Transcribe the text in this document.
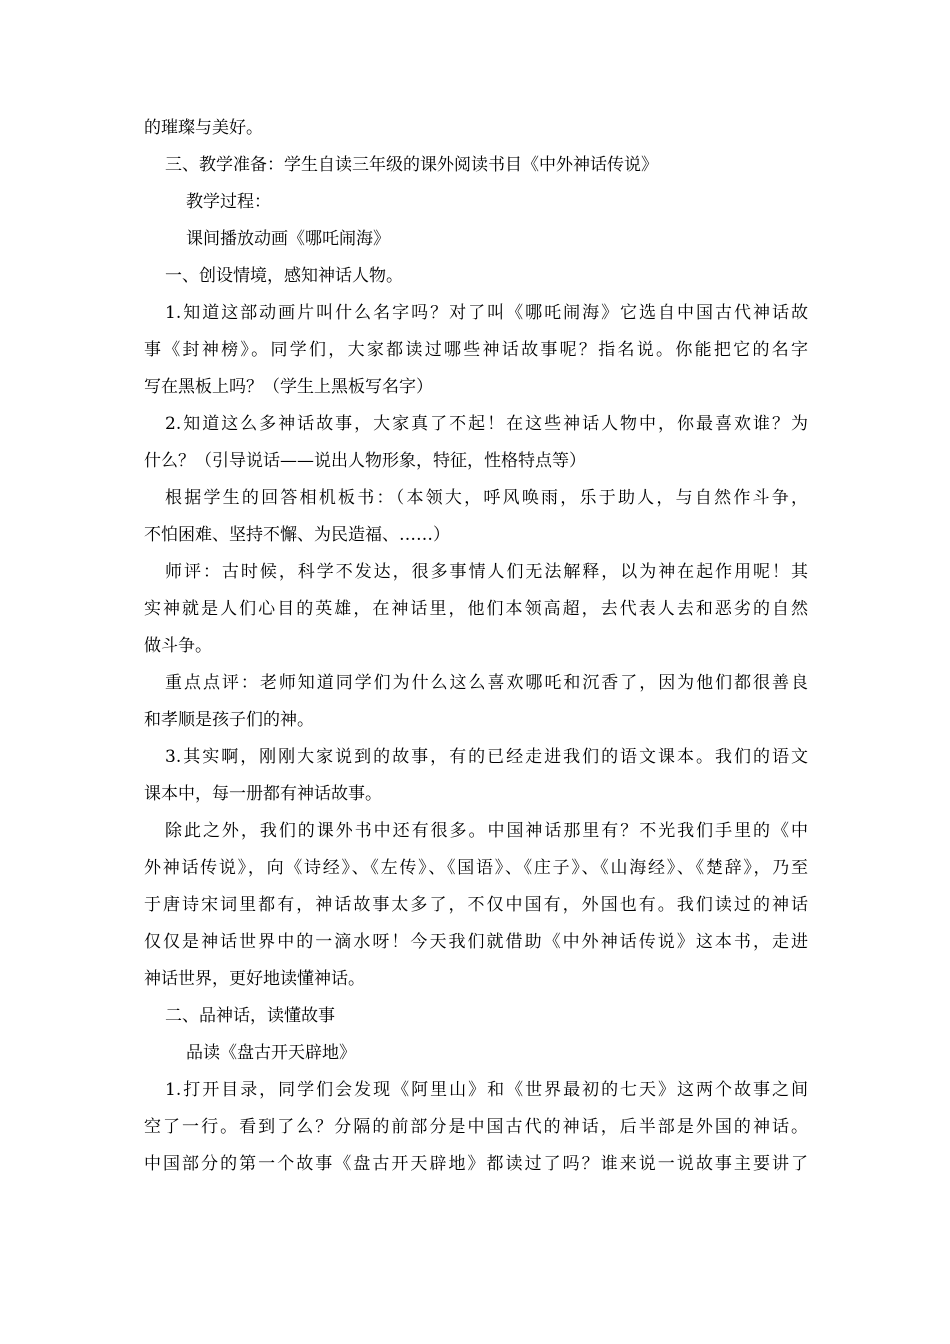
的璀璨与美好。

三、教学准备：学生自读三年级的课外阅读书目《中外神话传说》

教学过程：

课间播放动画《哪吒闹海》

一、创设情境，感知神话人物。

1.知道这部动画片叫什么名字吗？对了叫《哪吒闹海》它选自中国古代神话故

事《封神榜》。同学们，大家都读过哪些神话故事呢？指名说。你能把它的名字

写在黑板上吗？（学生上黑板写名字）

2.知道这么多神话故事，大家真了不起！在这些神话人物中，你最喜欢谁？为

什么？（引导说话——说出人物形象，特征，性格特点等）

根据学生的回答相机板书：（本领大，呼风唤雨，乐于助人，与自然作斗争，

不怕困难、坚持不懈、为民造福、……）

师评：古时候，科学不发达，很多事情人们无法解释，以为神在起作用呢！其

实神就是人们心目的英雄，在神话里，他们本领高超，去代表人去和恶劣的自然

做斗争。

重点点评：老师知道同学们为什么这么喜欢哪吒和沉香了，因为他们都很善良

和孝顺是孩子们的神。

3.其实啊，刚刚大家说到的故事，有的已经走进我们的语文课本。我们的语文

课本中，每一册都有神话故事。

除此之外，我们的课外书中还有很多。中国神话那里有？不光我们手里的《中

外神话传说》，向《诗经》、《左传》、《国语》、《庄子》、《山海经》、《楚辞》，乃至

于唐诗宋词里都有，神话故事太多了，不仅中国有，外国也有。我们读过的神话

仅仅是神话世界中的一滴水呀！今天我们就借助《中外神话传说》这本书，走进

神话世界，更好地读懂神话。

二、品神话，读懂故事

品读《盘古开天辟地》

1.打开目录，同学们会发现《阿里山》和《世界最初的七天》这两个故事之间

空了一行。看到了么？分隔的前部分是中国古代的神话，后半部是外国的神话。

中国部分的第一个故事《盘古开天辟地》都读过了吗？谁来说一说故事主要讲了
